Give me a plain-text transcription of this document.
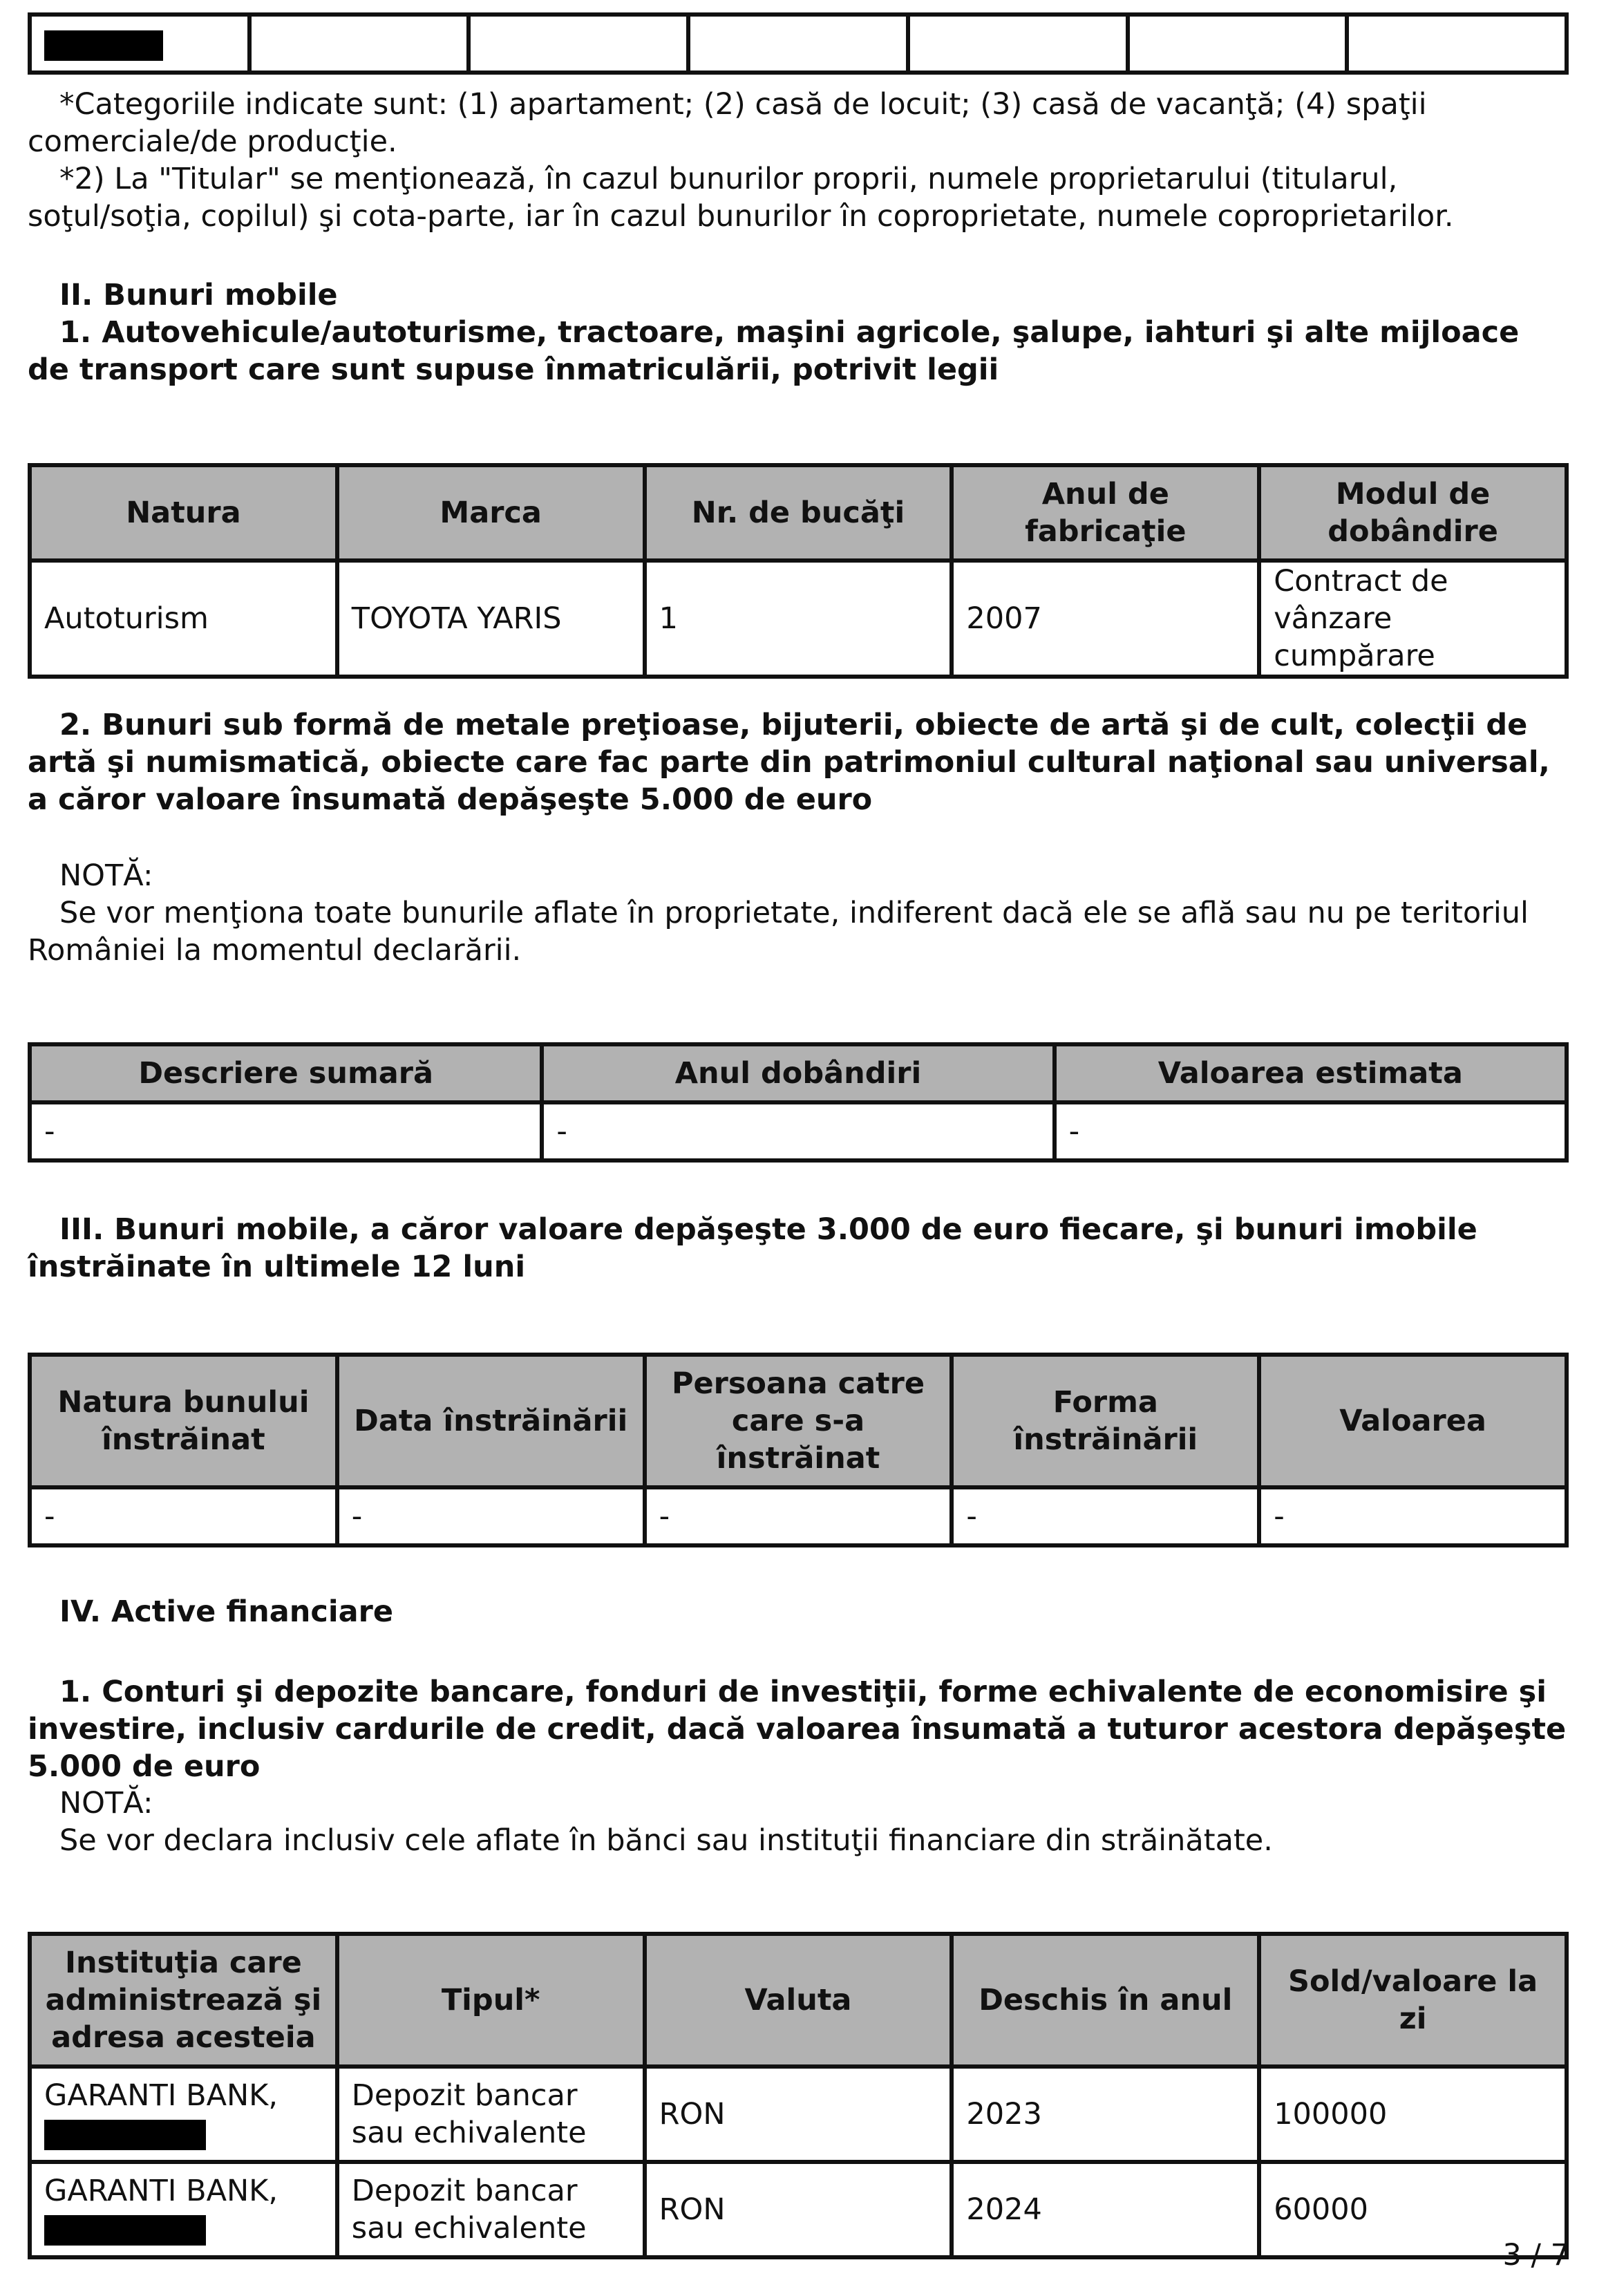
*Categoriile indicate sunt: (1) apartament; (2) casă de locuit; (3) casă de vacanţă; (4) spaţii comerciale/de producţie.

*2) La "Titular" se menţionează, în cazul bunurilor proprii, numele proprietarului (titularul, soţul/soţia, copilul) şi cota-parte, iar în cazul bunurilor în coproprietate, numele coproprietarilor.

II. Bunuri mobile

1. Autovehicule/autoturisme, tractoare, maşini agricole, şalupe, iahturi şi alte mijloace de transport care sunt supuse înmatriculării, potrivit legii

Natura	Marca	Nr. de bucăţi	Anul de fabricaţie	Modul de dobândire
Autoturism	TOYOTA YARIS	1	2007	Contract de vânzare cumpărare

2. Bunuri sub formă de metale preţioase, bijuterii, obiecte de artă şi de cult, colecţii de artă şi numismatică, obiecte care fac parte din patrimoniul cultural naţional sau universal, a căror valoare însumată depăşeşte 5.000 de euro

NOTĂ:

Se vor menţiona toate bunurile aflate în proprietate, indiferent dacă ele se află sau nu pe teritoriul României la momentul declarării.

Descriere sumară	Anul dobândiri	Valoarea estimata
-	-	-

III. Bunuri mobile, a căror valoare depăşeşte 3.000 de euro fiecare, şi bunuri imobile înstrăinate în ultimele 12 luni

Natura bunului înstrăinat	Data înstrăinării	Persoana catre care s-a înstrăinat	Forma înstrăinării	Valoarea
-	-	-	-	-

IV. Active financiare

1. Conturi şi depozite bancare, fonduri de investiţii, forme echivalente de economisire şi investire, inclusiv cardurile de credit, dacă valoarea însumată a tuturor acestora depăşeşte 5.000 de euro

NOTĂ:

Se vor declara inclusiv cele aflate în bănci sau instituţii financiare din străinătate.

Instituţia care administrează şi adresa acesteia	Tipul*	Valuta	Deschis în anul	Sold/valoare la zi

GARANTI BANK,	Depozit bancar sau echivalente	RON	2023	100000

GARANTI BANK,	Depozit bancar sau echivalente	RON	2024	60000
3 / 7
